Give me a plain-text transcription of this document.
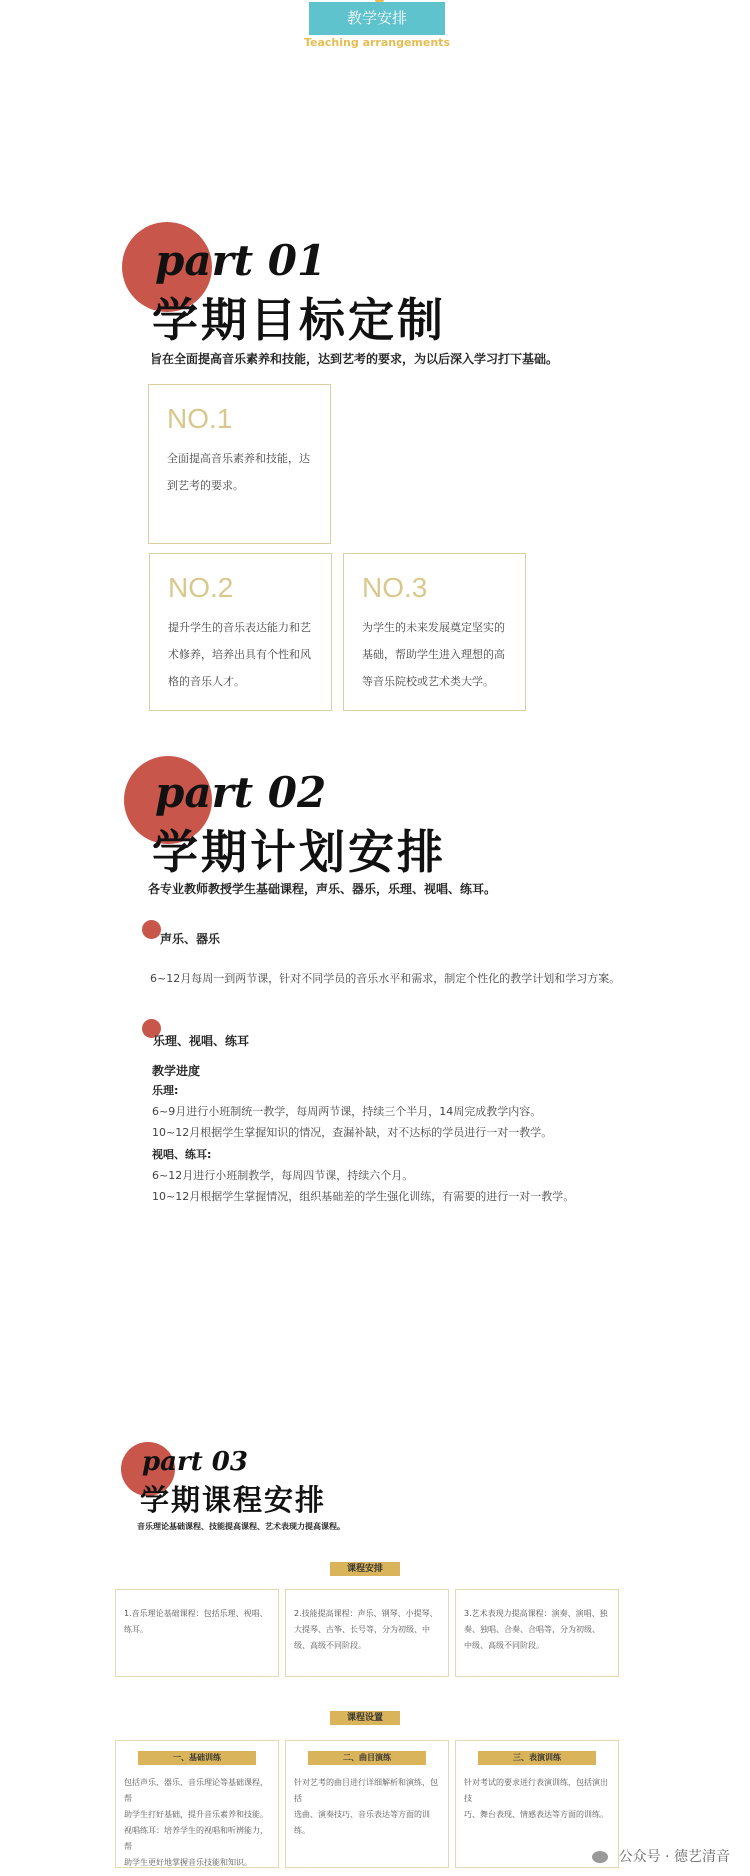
教学安排
Teaching arrangements
part 01
学期目标定制
旨在全面提高音乐素养和技能，达到艺考的要求，为以后深入学习打下基础。
NO.1
全面提高音乐素养和技能，达
到艺考的要求。
NO.2
提升学生的音乐表达能力和艺
术修养，培养出具有个性和风
格的音乐人才。
NO.3
为学生的未来发展奠定坚实的
基础，帮助学生进入理想的高
等音乐院校或艺术类大学。
part 02
学期计划安排
各专业教师教授学生基础课程，声乐、器乐，乐理、视唱、练耳。
声乐、器乐
6~12月每周一到两节课，针对不同学员的音乐水平和需求，制定个性化的教学计划和学习方案。
乐理、视唱、练耳
教学进度
乐理:
6~9月进行小班制统一教学，每周两节课，持续三个半月，14周完成教学内容。
10~12月根据学生掌握知识的情况，查漏补缺，对不达标的学员进行一对一教学。
视唱、练耳:
6~12月进行小班制教学，每周四节课，持续六个月。
10~12月根据学生掌握情况，组织基础差的学生强化训练，有需要的进行一对一教学。
part 03
学期课程安排
音乐理论基础课程、技能提高课程、艺术表现力提高课程。
课程安排
1.音乐理论基础课程：包括乐理、视唱、
练耳。
2.技能提高课程：声乐、钢琴、小提琴、
大提琴、古筝、长号等，分为初级、中
级、高级不同阶段。
3.艺术表现力提高课程：演奏、演唱、独
奏、独唱、合奏、合唱等，分为初级、
中级、高级不同阶段。
课程设置
一、基础训练
包括声乐、器乐、音乐理论等基础课程，帮
助学生打好基础，提升音乐素养和技能。
视唱练耳：培养学生的视唱和听辨能力，帮
助学生更好地掌握音乐技能和知识。
二、曲目演练
针对艺考的曲目进行详细解析和演练，包括
选曲、演奏技巧、音乐表达等方面的训练。
三、表演训练
针对考试的要求进行表演训练，包括演出技
巧、舞台表现、情感表达等方面的训练。
公众号 · 德艺清音
